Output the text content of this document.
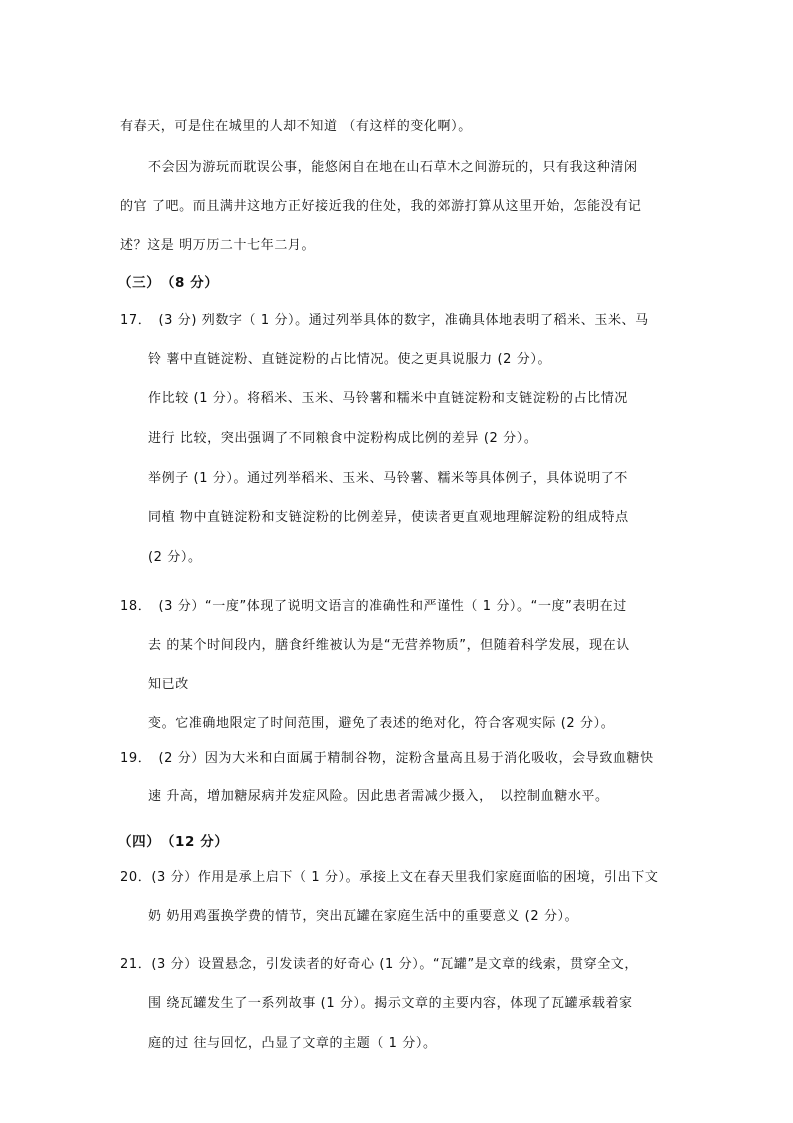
有春天，可是住在城里的人却不知道 （有这样的变化啊）。
不会因为游玩而耽误公事，能悠闲自在地在山石草木之间游玩的，只有我这种清闲
的官 了吧。而且满井这地方正好接近我的住处，我的郊游打算从这里开始，怎能没有记
述？这是 明万历二十七年二月。
（三）　（8 分）
17．　(3 分) 列数字（ 1 分）。通过列举具体的数字，准确具体地表明了稻米、玉米、马
铃 薯中直链淀粉、直链淀粉的占比情况。使之更具说服力 (2 分）。
作比较 (1 分）。将稻米、玉米、马铃薯和糯米中直链淀粉和支链淀粉的占比情况
进行 比较，突出强调了不同粮食中淀粉构成比例的差异 (2 分）。
举例子 (1 分）。通过列举稻米、玉米、马铃薯、糯米等具体例子，具体说明了不
同植 物中直链淀粉和支链淀粉的比例差异，使读者更直观地理解淀粉的组成特点
(2 分）。
18．　(3 分）“一度”体现了说明文语言的准确性和严谨性（ 1 分）。“一度”表明在过
去 的某个时间段内，膳食纤维被认为是“无营养物质”，但随着科学发展，现在认
知已改
变。它准确地限定了时间范围，避免了表述的绝对化，符合客观实际 (2 分）。
19．　(2 分）因为大米和白面属于精制谷物，淀粉含量高且易于消化吸收，会导致血糖快
速 升高，增加糖尿病并发症风险。因此患者需减少摄入，　以控制血糖水平。
（四）　（12 分）
20．(3 分）作用是承上启下（ 1 分）。承接上文在春天里我们家庭面临的困境，引出下文
奶 奶用鸡蛋换学费的情节，突出瓦罐在家庭生活中的重要意义 (2 分）。
21．(3 分）设置悬念，引发读者的好奇心 (1 分）。“瓦罐”是文章的线索，贯穿全文，
围 绕瓦罐发生了一系列故事 (1 分）。揭示文章的主要内容，体现了瓦罐承载着家
庭的过 往与回忆，凸显了文章的主题（ 1 分）。
